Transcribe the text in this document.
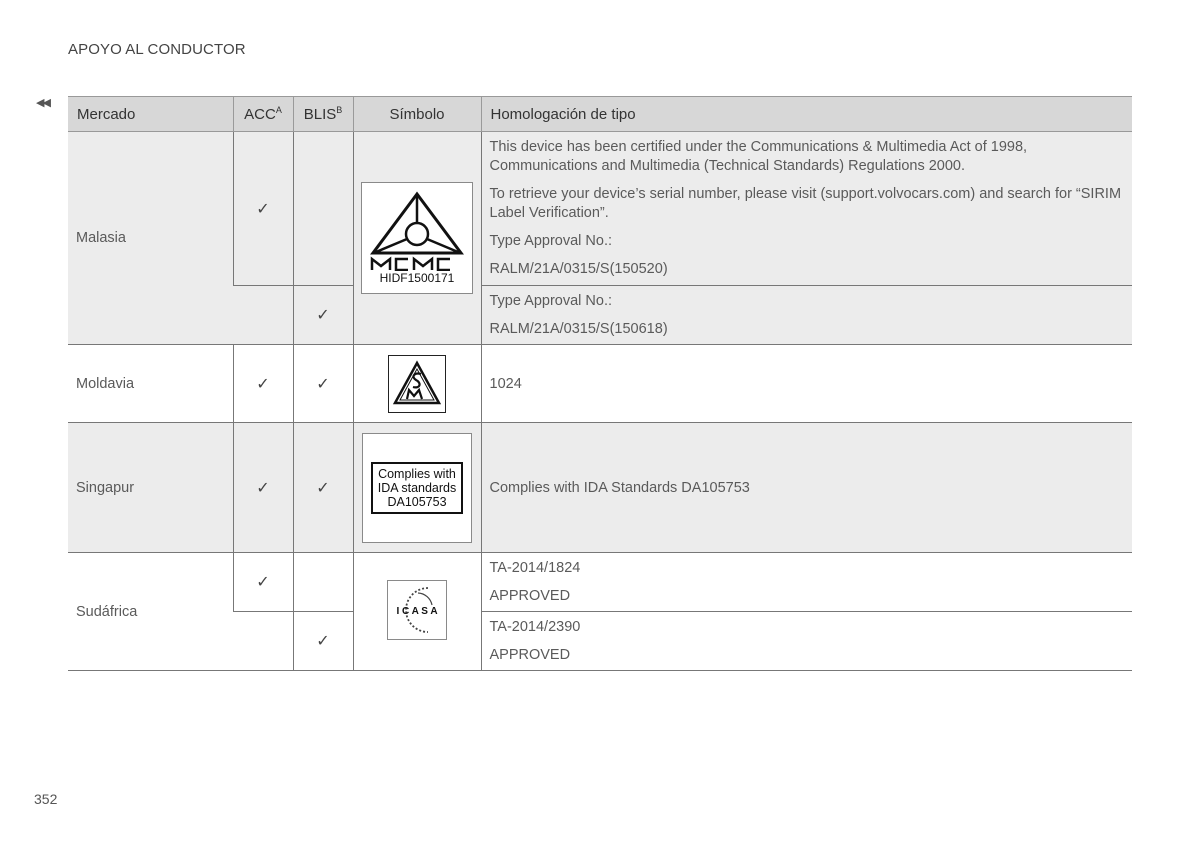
APOYO AL CONDUCTOR
◀◀
Mercado	$ACC^A$	$BLIS^B$	Símbolo	Homologación de tipo
Malasia	✓		HIDF1500171	This device has been certified under the Communications & Multimedia Act of 1998, Communications and Multimedia (Technical Standards) Regulations 2000.

To retrieve your device’s serial number, please visit (support.volvocars.com) and search for “SIRIM Label Verification”.

Type Approval No.:

RALM/21A/0315/S(150520)

		✓		Type Approval No.:

RALM/21A/0315/S(150618)

Moldavia	✓	✓		1024
Singapur	✓	✓	Complies with
IDA standards
DA105753	Complies with IDA Standards DA105753
Sudáfrica	✓		I C A S A	TA-2014/1824

APPROVED

		✓		TA-2014/2390

APPROVED

352
